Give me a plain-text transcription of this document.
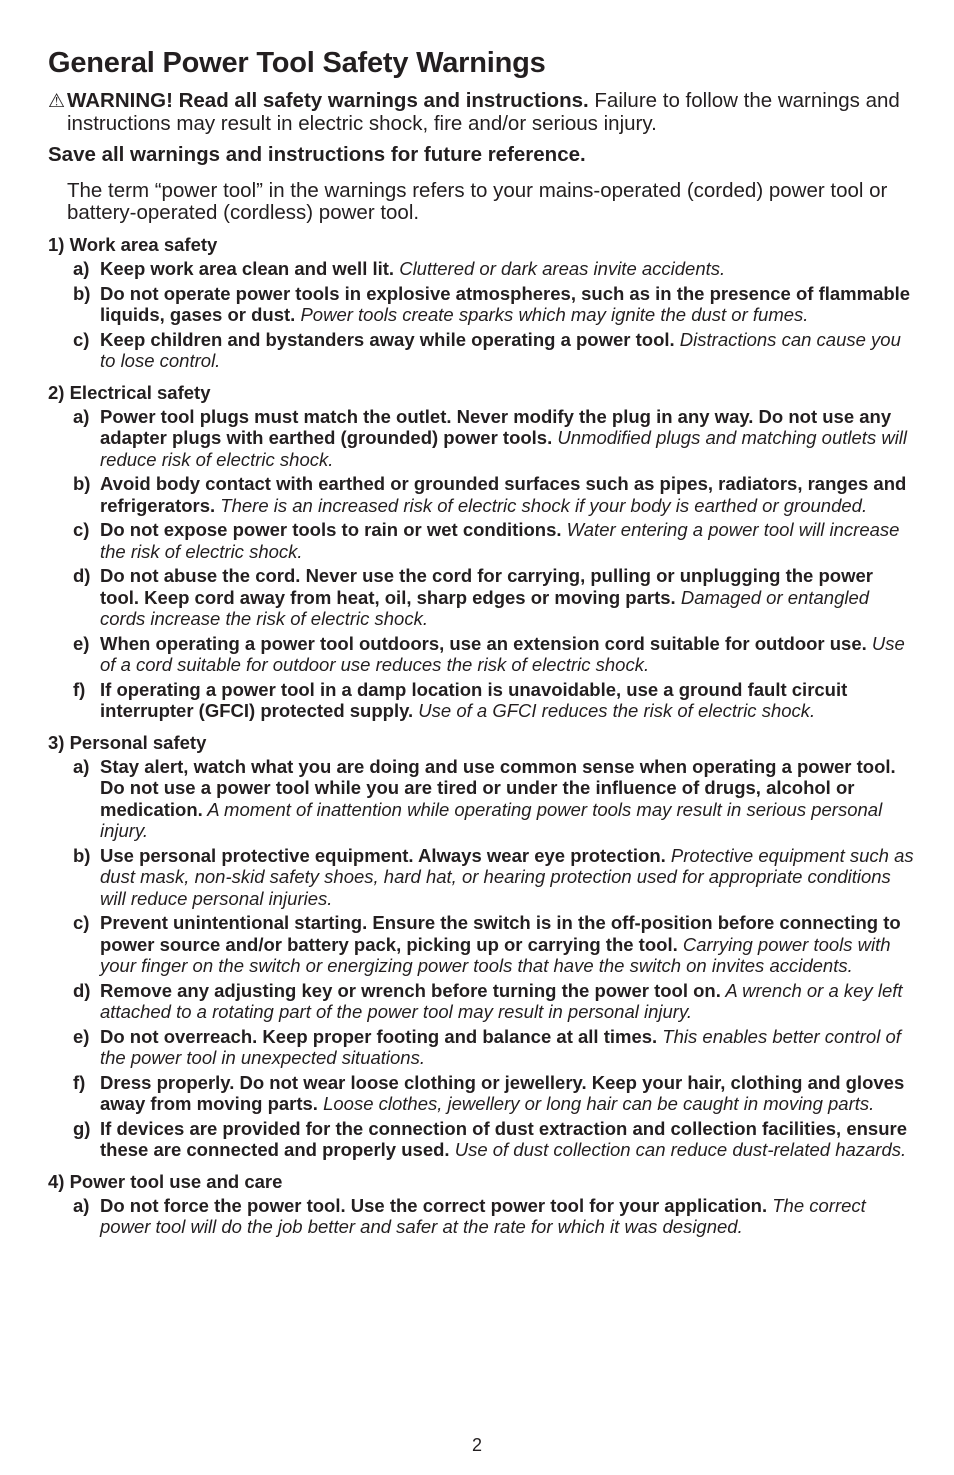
General Power Tool Safety Warnings
⚠WARNING! Read all safety warnings and instructions. Failure to follow the warnings and instructions may result in electric shock, fire and/or serious injury.
Save all warnings and instructions for future reference.
The term “power tool” in the warnings refers to your mains-operated (corded) power tool or battery-operated (cordless) power tool.
1) Work area safety
a) Keep work area clean and well lit. Cluttered or dark areas invite accidents.
b) Do not operate power tools in explosive atmospheres, such as in the presence of flammable liquids, gases or dust. Power tools create sparks which may ignite the dust or fumes.
c) Keep children and bystanders away while operating a power tool. Distractions can cause you to lose control.
2) Electrical safety
a) Power tool plugs must match the outlet. Never modify the plug in any way. Do not use any adapter plugs with earthed (grounded) power tools. Unmodified plugs and matching outlets will reduce risk of electric shock.
b) Avoid body contact with earthed or grounded surfaces such as pipes, radiators, ranges and refrigerators. There is an increased risk of electric shock if your body is earthed or grounded.
c) Do not expose power tools to rain or wet conditions. Water entering a power tool will increase the risk of electric shock.
d) Do not abuse the cord. Never use the cord for carrying, pulling or unplugging the power tool. Keep cord away from heat, oil, sharp edges or moving parts. Damaged or entangled cords increase the risk of electric shock.
e) When operating a power tool outdoors, use an extension cord suitable for outdoor use. Use of a cord suitable for outdoor use reduces the risk of electric shock.
f) If operating a power tool in a damp location is unavoidable, use a ground fault circuit interrupter (GFCI) protected supply. Use of a GFCI reduces the risk of electric shock.
3) Personal safety
a) Stay alert, watch what you are doing and use common sense when operating a power tool. Do not use a power tool while you are tired or under the influence of drugs, alcohol or medication. A moment of inattention while operating power tools may result in serious personal injury.
b) Use personal protective equipment. Always wear eye protection. Protective equipment such as dust mask, non-skid safety shoes, hard hat, or hearing protection used for appropriate conditions will reduce personal injuries.
c) Prevent unintentional starting. Ensure the switch is in the off-position before connecting to power source and/or battery pack, picking up or carrying the tool. Carrying power tools with your finger on the switch or energizing power tools that have the switch on invites accidents.
d) Remove any adjusting key or wrench before turning the power tool on. A wrench or a key left attached to a rotating part of the power tool may result in personal injury.
e) Do not overreach. Keep proper footing and balance at all times. This enables better control of the power tool in unexpected situations.
f) Dress properly. Do not wear loose clothing or jewellery. Keep your hair, clothing and gloves away from moving parts. Loose clothes, jewellery or long hair can be caught in moving parts.
g) If devices are provided for the connection of dust extraction and collection facilities, ensure these are connected and properly used. Use of dust collection can reduce dust-related hazards.
4) Power tool use and care
a) Do not force the power tool. Use the correct power tool for your application. The correct power tool will do the job better and safer at the rate for which it was designed.
2
